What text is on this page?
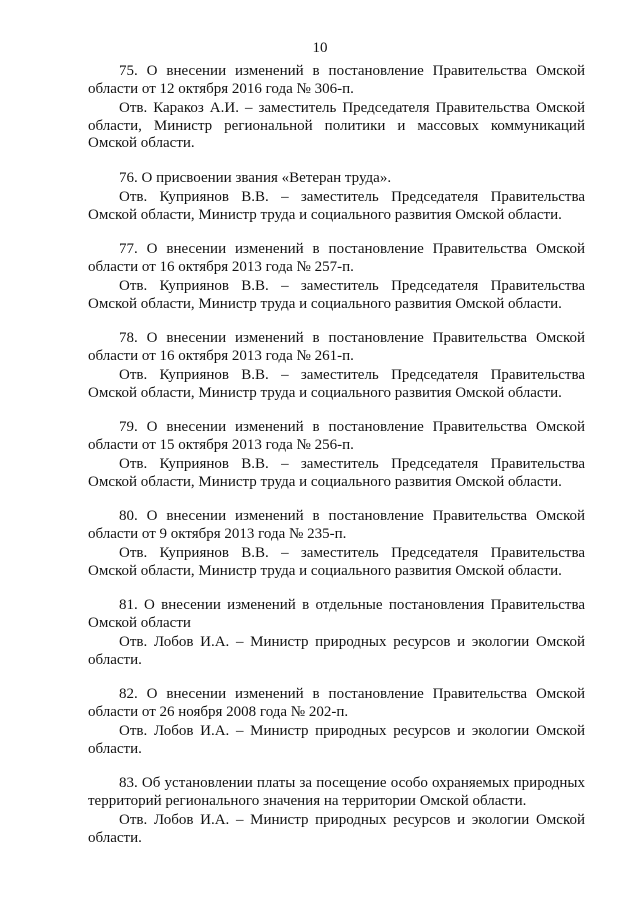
10

75. О внесении изменений в постановление Правительства Омской области от 12 октября 2016 года № 306-п.

Отв. Каракоз А.И. – заместитель Председателя Правительства Омской области, Министр региональной политики и массовых коммуникаций Омской области.

76. О присвоении звания «Ветеран труда».

Отв. Куприянов В.В. – заместитель Председателя Правительства Омской области, Министр труда и социального развития Омской области.

77. О внесении изменений в постановление Правительства Омской области от 16 октября 2013 года № 257-п.

Отв. Куприянов В.В. – заместитель Председателя Правительства Омской области, Министр труда и социального развития Омской области.

78. О внесении изменений в постановление Правительства Омской области от 16 октября 2013 года № 261-п.

Отв. Куприянов В.В. – заместитель Председателя Правительства Омской области, Министр труда и социального развития Омской области.

79. О внесении изменений в постановление Правительства Омской области от 15 октября 2013 года № 256-п.

Отв. Куприянов В.В. – заместитель Председателя Правительства Омской области, Министр труда и социального развития Омской области.

80. О внесении изменений в постановление Правительства Омской области от 9 октября 2013 года № 235-п.

Отв. Куприянов В.В. – заместитель Председателя Правительства Омской области, Министр труда и социального развития Омской области.

81. О внесении изменений в отдельные постановления Правительства Омской области

Отв. Лобов И.А. – Министр природных ресурсов и экологии Омской области.

82. О внесении изменений в постановление Правительства Омской области от 26 ноября 2008 года № 202-п.

Отв. Лобов И.А. – Министр природных ресурсов и экологии Омской области.

83. Об установлении платы за посещение особо охраняемых природных территорий регионального значения на территории Омской области.

Отв. Лобов И.А. – Министр природных ресурсов и экологии Омской области.
